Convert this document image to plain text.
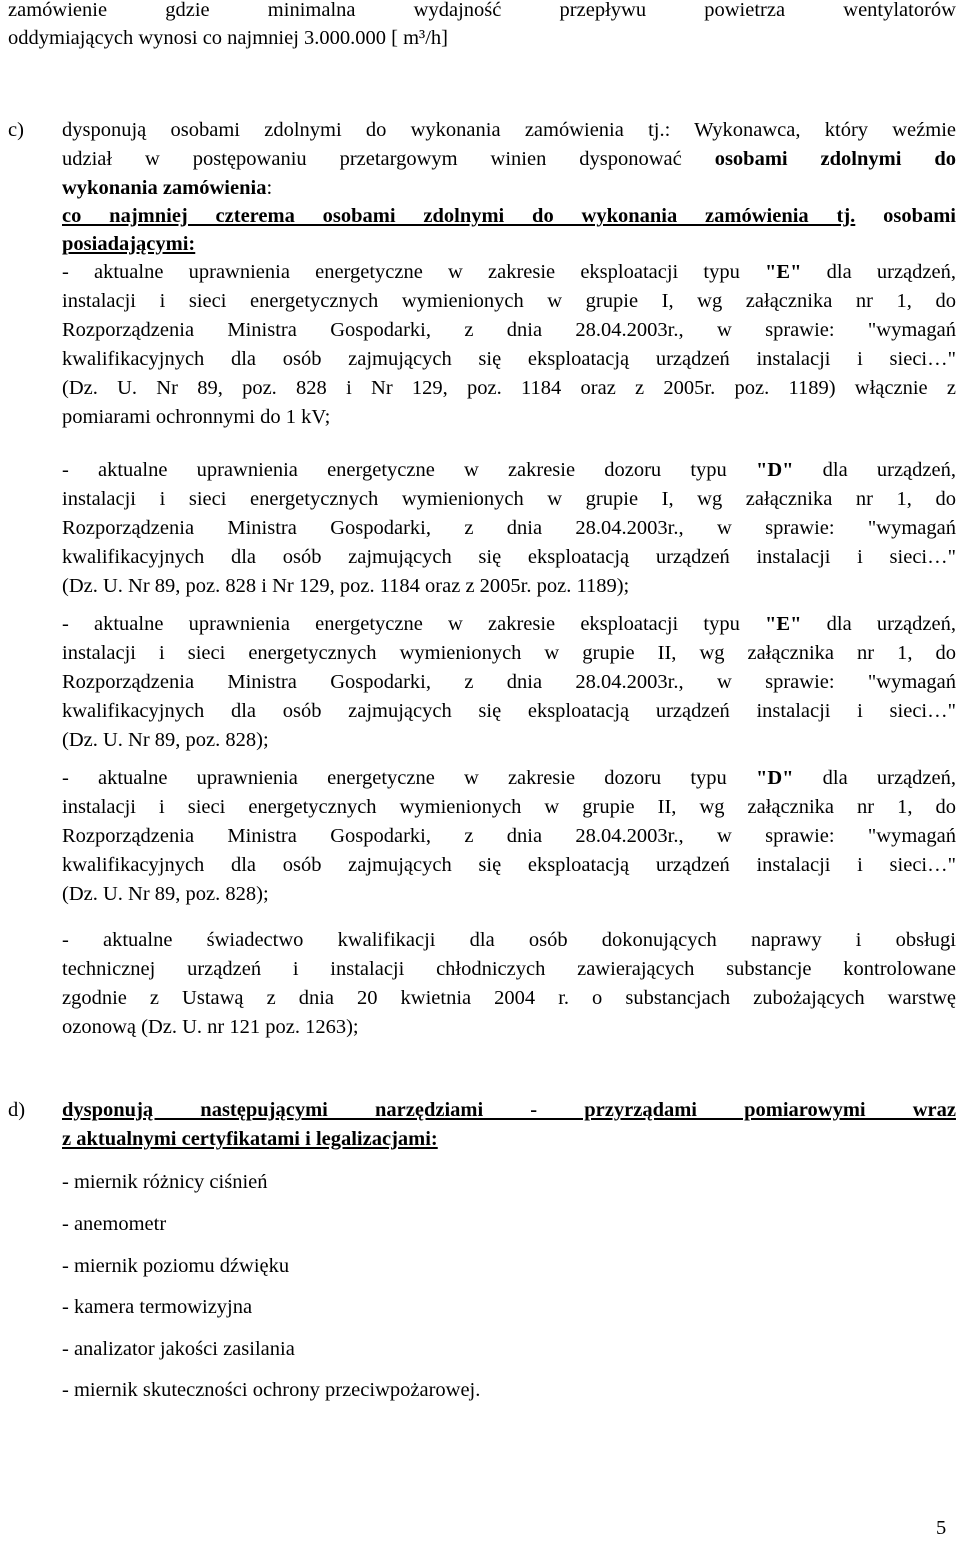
zamówienie gdzie minimalna wydajność przepływu powietrza wentylatorów
oddymiających wynosi co najmniej 3.000.000 [ m³/h]
c) dysponują osobami zdolnymi do wykonania zamówienia tj.: Wykonawca, który weźmie
udział w postępowaniu przetargowym winien dysponować osobami zdolnymi do
wykonania zamówienia:
co najmniej czterema osobami zdolnymi do wykonania zamówienia tj. osobami
posiadającymi:
- aktualne uprawnienia energetyczne w zakresie eksploatacji typu "E" dla urządzeń,
instalacji i sieci energetycznych wymienionych w grupie I, wg załącznika nr 1, do
Rozporządzenia Ministra Gospodarki, z dnia 28.04.2003r., w sprawie: "wymagań
kwalifikacyjnych dla osób zajmujących się eksploatacją urządzeń instalacji i sieci…"
(Dz. U. Nr 89, poz. 828 i Nr 129, poz. 1184 oraz z 2005r. poz. 1189) włącznie z
pomiarami ochronnymi do 1 kV;
- aktualne uprawnienia energetyczne w zakresie dozoru typu "D" dla urządzeń,
instalacji i sieci energetycznych wymienionych w grupie I, wg załącznika nr 1, do
Rozporządzenia Ministra Gospodarki, z dnia 28.04.2003r., w sprawie: "wymagań
kwalifikacyjnych dla osób zajmujących się eksploatacją urządzeń instalacji i sieci…"
(Dz. U. Nr 89, poz. 828 i Nr 129, poz. 1184 oraz z 2005r. poz. 1189);
- aktualne uprawnienia energetyczne w zakresie eksploatacji typu "E" dla urządzeń,
instalacji i sieci energetycznych wymienionych w grupie II, wg załącznika nr 1, do
Rozporządzenia Ministra Gospodarki, z dnia 28.04.2003r., w sprawie: "wymagań
kwalifikacyjnych dla osób zajmujących się eksploatacją urządzeń instalacji i sieci…"
(Dz. U. Nr 89, poz. 828);
- aktualne uprawnienia energetyczne w zakresie dozoru typu "D" dla urządzeń,
instalacji i sieci energetycznych wymienionych w grupie II, wg załącznika nr 1, do
Rozporządzenia Ministra Gospodarki, z dnia 28.04.2003r., w sprawie: "wymagań
kwalifikacyjnych dla osób zajmujących się eksploatacją urządzeń instalacji i sieci…"
(Dz. U. Nr 89, poz. 828);
- aktualne świadectwo kwalifikacji dla osób dokonujących naprawy i obsługi
technicznej urządzeń i instalacji chłodniczych zawierających substancje kontrolowane
zgodnie z Ustawą z dnia 20 kwietnia 2004 r. o substancjach zubożających warstwę
ozonową (Dz. U. nr 121 poz. 1263);
d) dysponują następującymi narzędziami - przyrządami pomiarowymi wraz
z aktualnymi certyfikatami i legalizacjami:
- miernik różnicy ciśnień
- anemometr
- miernik poziomu dźwięku
- kamera termowizyjna
- analizator jakości zasilania
- miernik skuteczności ochrony przeciwpożarowej.
5
